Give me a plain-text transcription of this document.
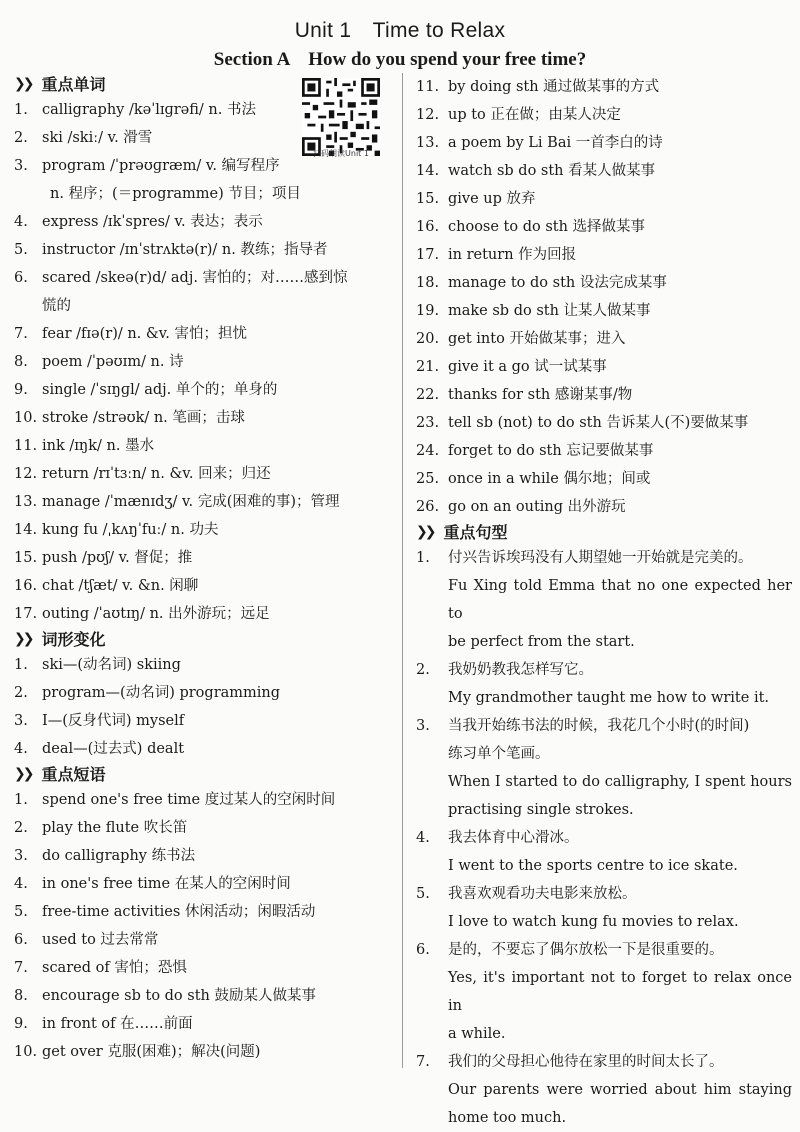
Unit 1　Time to Relax
Section A　How do you spend your free time?
扫码朗读Unit 1
❯❯ 重点单词
1. calligraphy /kəˈlɪɡrəfi/ n. 书法
2. ski /skiː/ v. 滑雪
3. program /ˈprəʊɡræm/ v. 编写程序
n. 程序；(＝programme) 节目；项目
4. express /ɪkˈspres/ v. 表达；表示
5. instructor /ɪnˈstrʌktə(r)/ n. 教练；指导者
6. scared /skeə(r)d/ adj. 害怕的；对……感到惊
慌的
7. fear /fɪə(r)/ n. &v. 害怕；担忧
8. poem /ˈpəʊɪm/ n. 诗
9. single /ˈsɪŋɡl/ adj. 单个的；单身的
10. stroke /strəʊk/ n. 笔画；击球
11. ink /ɪŋk/ n. 墨水
12. return /rɪˈtɜːn/ n. &v. 回来；归还
13. manage /ˈmænɪdʒ/ v. 完成(困难的事)；管理
14. kung fu /ˌkʌŋˈfuː/ n. 功夫
15. push /pʊʃ/ v. 督促；推
16. chat /tʃæt/ v. &n. 闲聊
17. outing /ˈaʊtɪŋ/ n. 出外游玩；远足
❯❯ 词形变化
1. ski—(动名词) skiing
2. program—(动名词) programming
3. I—(反身代词) myself
4. deal—(过去式) dealt
❯❯ 重点短语
1. spend one's free time 度过某人的空闲时间
2. play the flute 吹长笛
3. do calligraphy 练书法
4. in one's free time 在某人的空闲时间
5. free-time activities 休闲活动；闲暇活动
6. used to 过去常常
7. scared of 害怕；恐惧
8. encourage sb to do sth 鼓励某人做某事
9. in front of 在……前面
10. get over 克服(困难)；解决(问题)
11. by doing sth 通过做某事的方式
12. up to 正在做；由某人决定
13. a poem by Li Bai 一首李白的诗
14. watch sb do sth 看某人做某事
15. give up 放弃
16. choose to do sth 选择做某事
17. in return 作为回报
18. manage to do sth 设法完成某事
19. make sb do sth 让某人做某事
20. get into 开始做某事；进入
21. give it a go 试一试某事
22. thanks for sth 感谢某事/物
23. tell sb (not) to do sth 告诉某人(不)要做某事
24. forget to do sth 忘记要做某事
25. once in a while 偶尔地；间或
26. go on an outing 出外游玩
❯❯ 重点句型
1.	付兴告诉埃玛没有人期望她一开始就是完美的。
Fu Xing told Emma that no one expected her to
be perfect from the start.
2.	我奶奶教我怎样写它。
My grandmother taught me how to write it.
3.	当我开始练书法的时候，我花几个小时(的时间)
练习单个笔画。
When I started to do calligraphy, I spent hours
practising single strokes.
4.	我去体育中心滑冰。
I went to the sports centre to ice skate.
5.	我喜欢观看功夫电影来放松。
I love to watch kung fu movies to relax.
6.	是的，不要忘了偶尔放松一下是很重要的。
Yes, it's important not to forget to relax once in
a while.
7.	我们的父母担心他待在家里的时间太长了。
Our parents were worried about him staying
home too much.
